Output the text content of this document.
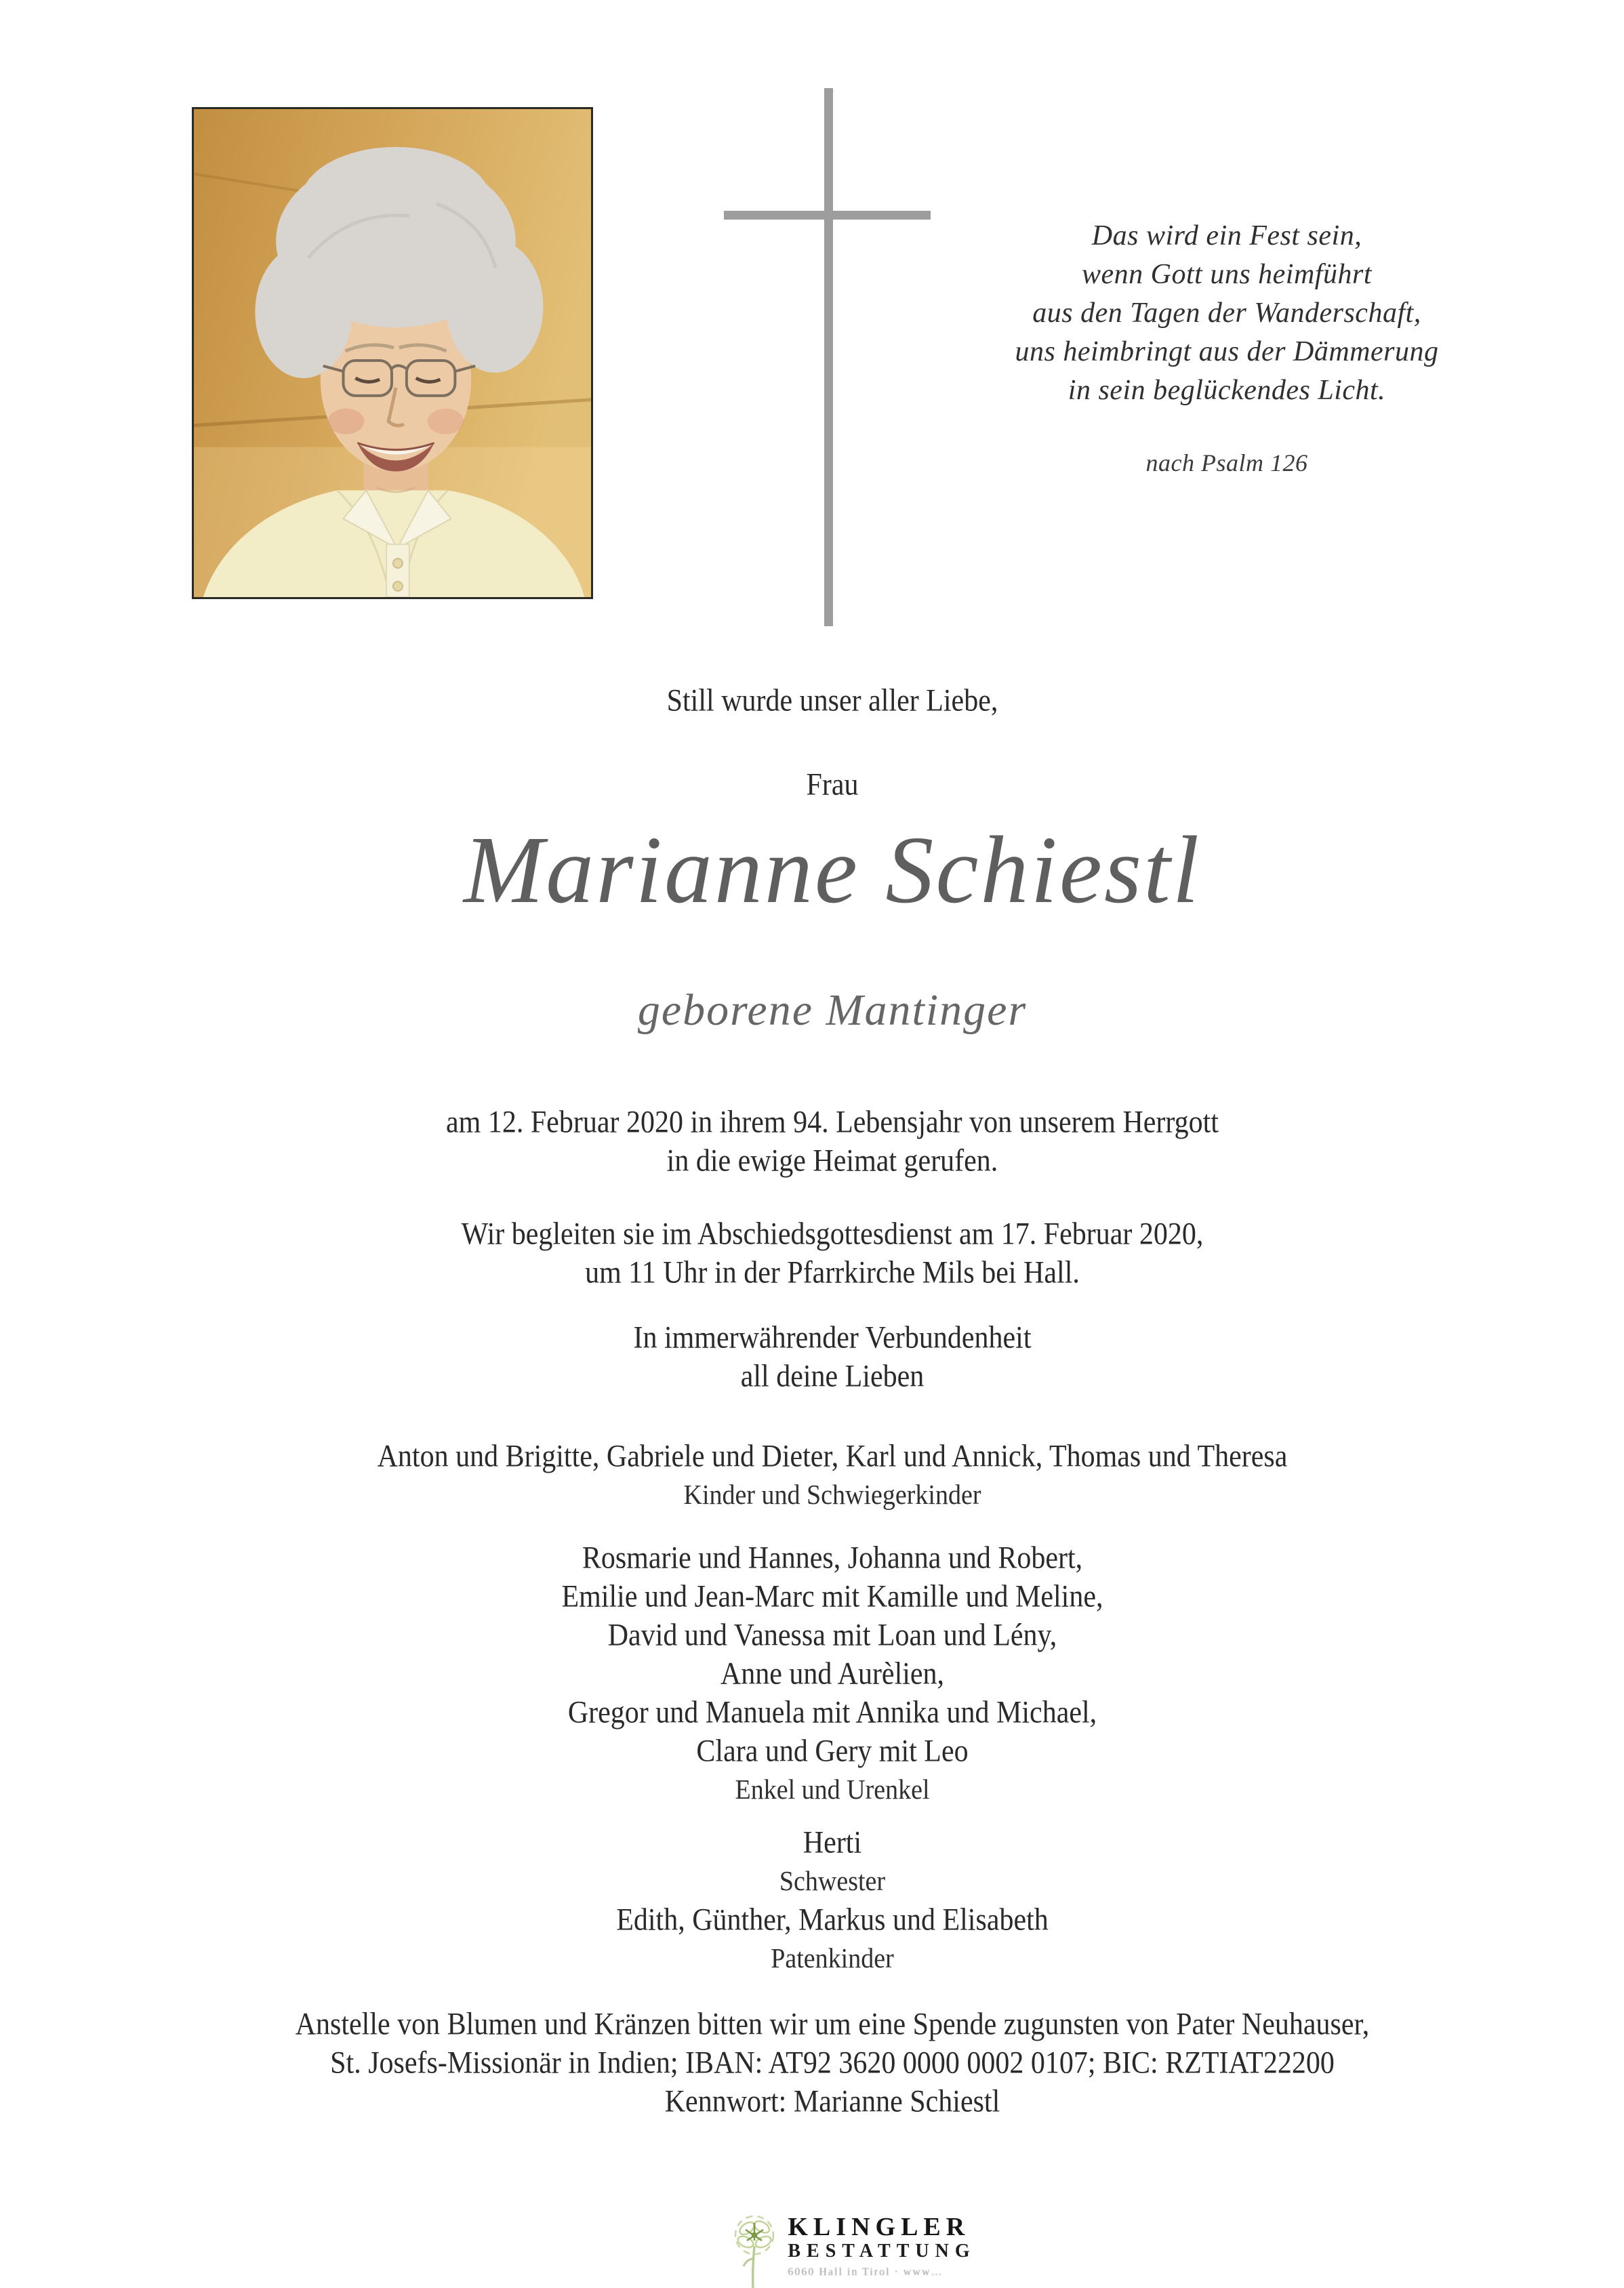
Das wird ein Fest sein,
wenn Gott uns heimführt
aus den Tagen der Wanderschaft,
uns heimbringt aus der Dämmerung
in sein beglückendes Licht.
nach Psalm 126
Still wurde unser aller Liebe,
Frau
Marianne Schiestl
geborene Mantinger
am 12. Februar 2020 in ihrem 94. Lebensjahr von unserem Herrgott
in die ewige Heimat gerufen.
Wir begleiten sie im Abschiedsgottesdienst am 17. Februar 2020,
um 11 Uhr in der Pfarrkirche Mils bei Hall.
In immerwährender Verbundenheit
all deine Lieben
Anton und Brigitte, Gabriele und Dieter, Karl und Annick, Thomas und Theresa
Kinder und Schwiegerkinder
Rosmarie und Hannes, Johanna und Robert,
Emilie und Jean-Marc mit Kamille und Meline,
David und Vanessa mit Loan und Lény,
Anne und Aurèlien,
Gregor und Manuela mit Annika und Michael,
Clara und Gery mit Leo
Enkel und Urenkel
Herti
Schwester
Edith, Günther, Markus und Elisabeth
Patenkinder
Anstelle von Blumen und Kränzen bitten wir um eine Spende zugunsten von Pater Neuhauser,
St. Josefs-Missionär in Indien; IBAN: AT92 3620 0000 0002 0107; BIC: RZTIAT22200
Kennwort: Marianne Schiestl
KLINGLER
BESTATTUNG
6060 Hall in Tirol · www…
